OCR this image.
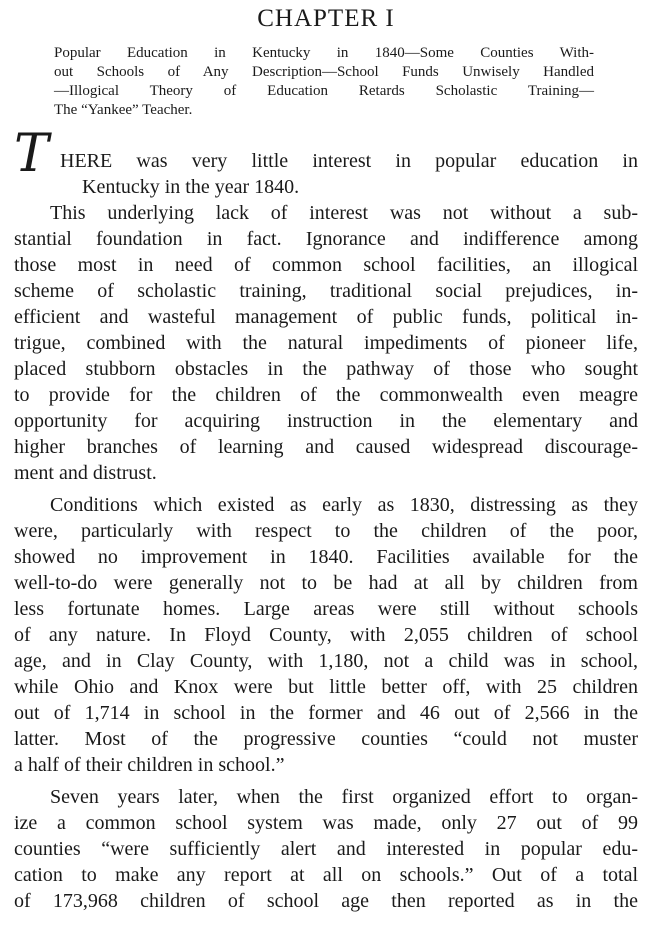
CHAPTER I
Popular Education in Kentucky in 1840—Some Counties With-
out Schools of Any Description—School Funds Unwisely Handled
—Illogical Theory of Education Retards Scholastic Training—
The “Yankee” Teacher.
T HERE was very little interest in popular education in
Kentucky in the year 1840.
This underlying lack of interest was not without a sub-
stantial foundation in fact. Ignorance and indifference among
those most in need of common school facilities, an illogical
scheme of scholastic training, traditional social prejudices, in-
efficient and wasteful management of public funds, political in-
trigue, combined with the natural impediments of pioneer life,
placed stubborn obstacles in the pathway of those who sought
to provide for the children of the commonwealth even meagre
opportunity for acquiring instruction in the elementary and
higher branches of learning and caused widespread discourage-
ment and distrust.
Conditions which existed as early as 1830, distressing as they
were, particularly with respect to the children of the poor,
showed no improvement in 1840. Facilities available for the
well-to-do were generally not to be had at all by children from
less fortunate homes. Large areas were still without schools
of any nature. In Floyd County, with 2,055 children of school
age, and in Clay County, with 1,180, not a child was in school,
while Ohio and Knox were but little better off, with 25 children
out of 1,714 in school in the former and 46 out of 2,566 in the
latter. Most of the progressive counties “could not muster
a half of their children in school.”
Seven years later, when the first organized effort to organ-
ize a common school system was made, only 27 out of 99
counties “were sufficiently alert and interested in popular edu-
cation to make any report at all on schools.” Out of a total
of 173,968 children of school age then reported as in the
